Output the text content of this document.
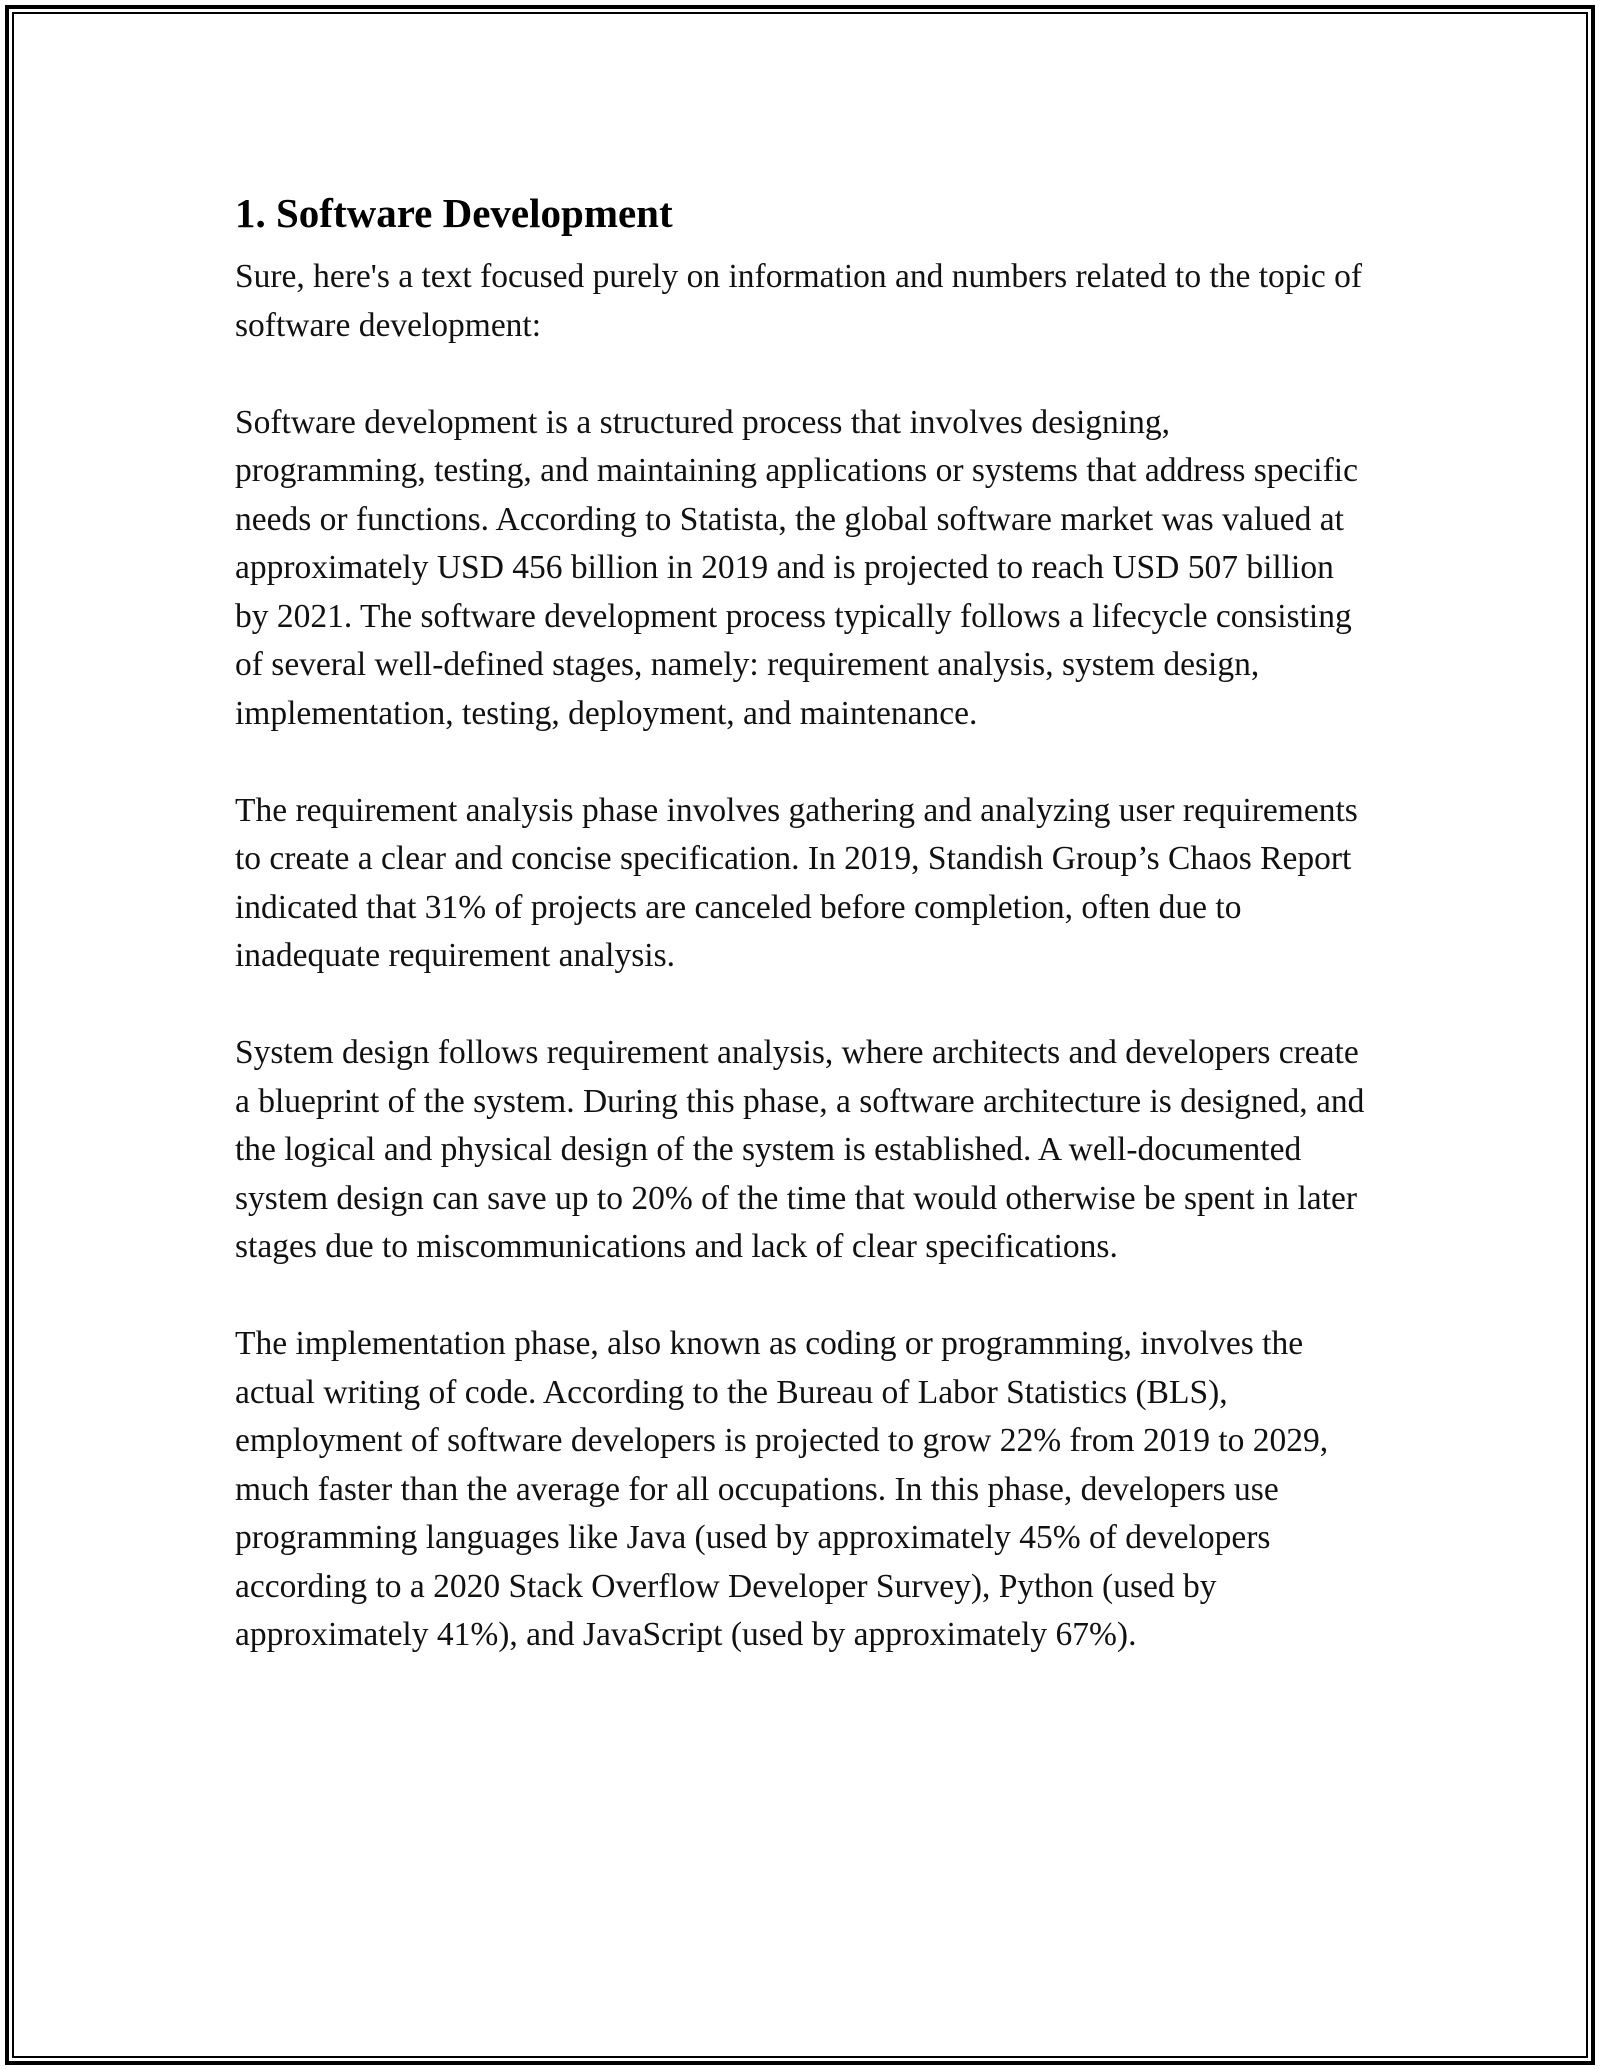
1. Software Development

Sure, here's a text focused purely on information and numbers related to the topic of software development:

Software development is a structured process that involves designing, programming, testing, and maintaining applications or systems that address specific needs or functions. According to Statista, the global software market was valued at approximately USD 456 billion in 2019 and is projected to reach USD 507 billion by 2021. The software development process typically follows a lifecycle consisting of several well-defined stages, namely: requirement analysis, system design, implementation, testing, deployment, and maintenance.

The requirement analysis phase involves gathering and analyzing user requirements to create a clear and concise specification. In 2019, Standish Group’s Chaos Report indicated that 31% of projects are canceled before completion, often due to inadequate requirement analysis.

System design follows requirement analysis, where architects and developers create a blueprint of the system. During this phase, a software architecture is designed, and the logical and physical design of the system is established. A well-documented system design can save up to 20% of the time that would otherwise be spent in later stages due to miscommunications and lack of clear specifications.

The implementation phase, also known as coding or programming, involves the actual writing of code. According to the Bureau of Labor Statistics (BLS), employment of software developers is projected to grow 22% from 2019 to 2029, much faster than the average for all occupations. In this phase, developers use programming languages like Java (used by approximately 45% of developers according to a 2020 Stack Overflow Developer Survey), Python (used by approximately 41%), and JavaScript (used by approximately 67%).
